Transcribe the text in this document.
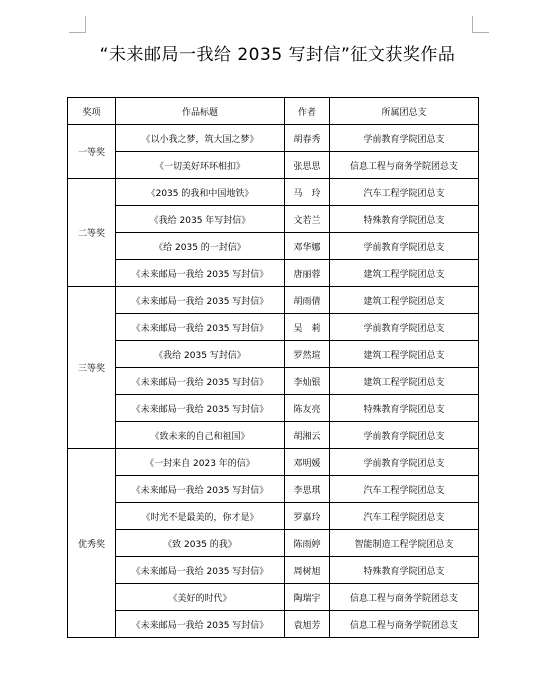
“未来邮局一我给 2035 写封信”征文获奖作品
奖项	作品标题	作者	所属团总支
一等奖	《以小我之梦，筑大国之梦》	胡春秀	学前教育学院团总支
	《一切美好环环相扣》	张思思	信息工程与商务学院团总支
二等奖	《2035 的我和中国地铁》	马　玲	汽车工程学院团总支
	《我给 2035 年写封信》	文若兰	特殊教育学院团总支
	《给 2035 的一封信》	邓华娜	学前教育学院团总支
	《未来邮局一我给 2035 写封信》	唐丽蓉	建筑工程学院团总支
三等奖	《未来邮局一我给 2035 写封信》	胡雨倩	建筑工程学院团总支
	《未来邮局一我给 2035 写封信》	吴　莉	学前教育学院团总支
	《我给 2035 写封信》	罗然瑄	建筑工程学院团总支
	《未来邮局一我给 2035 写封信》	李灿银	建筑工程学院团总支
	《未来邮局一我给 2035 写封信》	陈友亮	特殊教育学院团总支
	《致未来的自己和祖国》	胡湘云	学前教育学院团总支
优秀奖	《一封来自 2023 年的信》	邓明媛	学前教育学院团总支
	《未来邮局一我给 2035 写封信》	李思琪	汽车工程学院团总支
	《时光不是最美的，你才是》	罗嘉玲	汽车工程学院团总支
	《致 2035 的我》	陈雨婷	智能制造工程学院团总支
	《未来邮局一我给 2035 写封信》	周树旭	特殊教育学院团总支
	《美好的时代》	陶瑞宇	信息工程与商务学院团总支
	《未来邮局一我给 2035 写封信》	袁旭芳	信息工程与商务学院团总支
